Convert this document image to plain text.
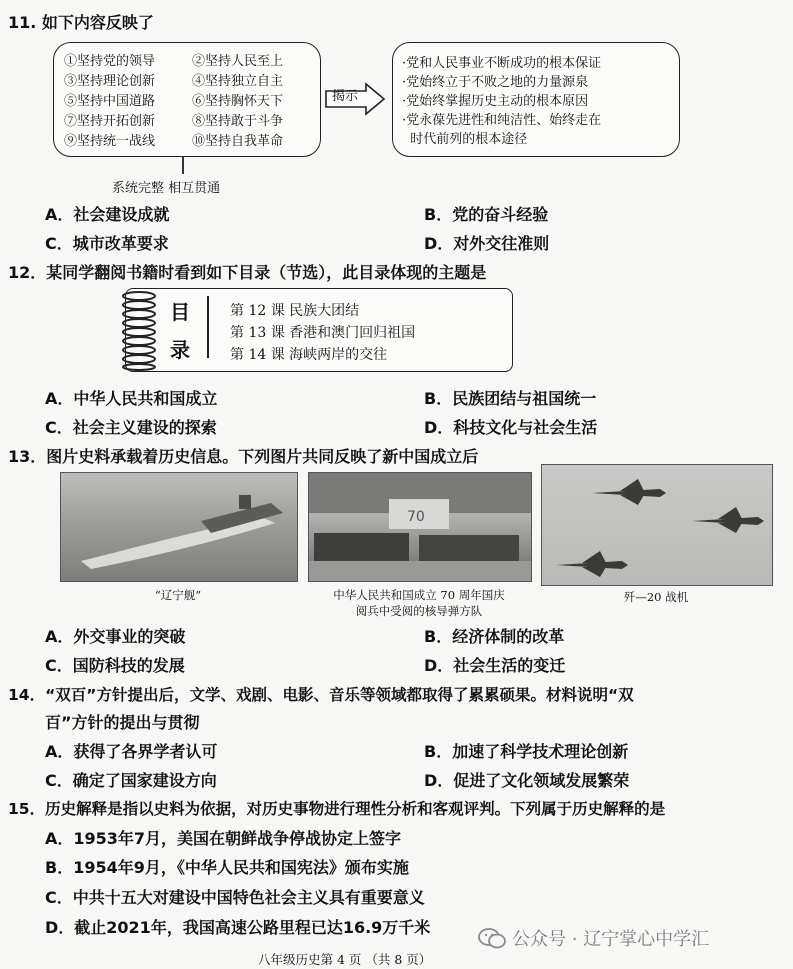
11. 如下内容反映了
①坚持党的领导	②坚持人民至上
③坚持理论创新	④坚持独立自主
⑤坚持中国道路	⑥坚持胸怀天下
⑦坚持开拓创新	⑧坚持敢于斗争
⑨坚持统一战线	⑩坚持自我革命
系统完整 相互贯通
揭示
·党和人民事业不断成功的根本保证
·党始终立于不败之地的力量源泉
·党始终掌握历史主动的根本原因
·党永葆先进性和纯洁性、始终走在
时代前列的根本途径
A．社会建设成就	B．党的奋斗经验
C．城市改革要求	D．对外交往准则
12．某同学翻阅书籍时看到如下目录（节选），此目录体现的主题是
目
录
第 12 课 民族大团结
第 13 课 香港和澳门回归祖国
第 14 课 海峡两岸的交往
A．中华人民共和国成立	B．民族团结与祖国统一
C．社会主义建设的探索	D．科技文化与社会生活
13．图片史料承载着历史信息。下列图片共同反映了新中国成立后
70
“辽宁舰”	中华人民共和国成立 70 周年国庆
阅兵中受阅的核导弹方队
歼—20 战机
A．外交事业的突破	B．经济体制的改革
C．国防科技的发展	D．社会生活的变迁
14．“双百”方针提出后，文学、戏剧、电影、音乐等领域都取得了累累硕果。材料说明“双
百”方针的提出与贯彻
A．获得了各界学者认可	B．加速了科学技术理论创新
C．确定了国家建设方向	D．促进了文化领域发展繁荣
15．历史解释是指以史料为依据，对历史事物进行理性分析和客观评判。下列属于历史解释的是
A．1953年7月，美国在朝鲜战争停战协定上签字
B．1954年9月，《中华人民共和国宪法》颁布实施
C．中共十五大对建设中国特色社会主义具有重要意义
D．截止2021年，我国高速公路里程已达16.9万千米
公众号 · 辽宁掌心中学汇
八年级历史第 4 页 （共 8 页）
